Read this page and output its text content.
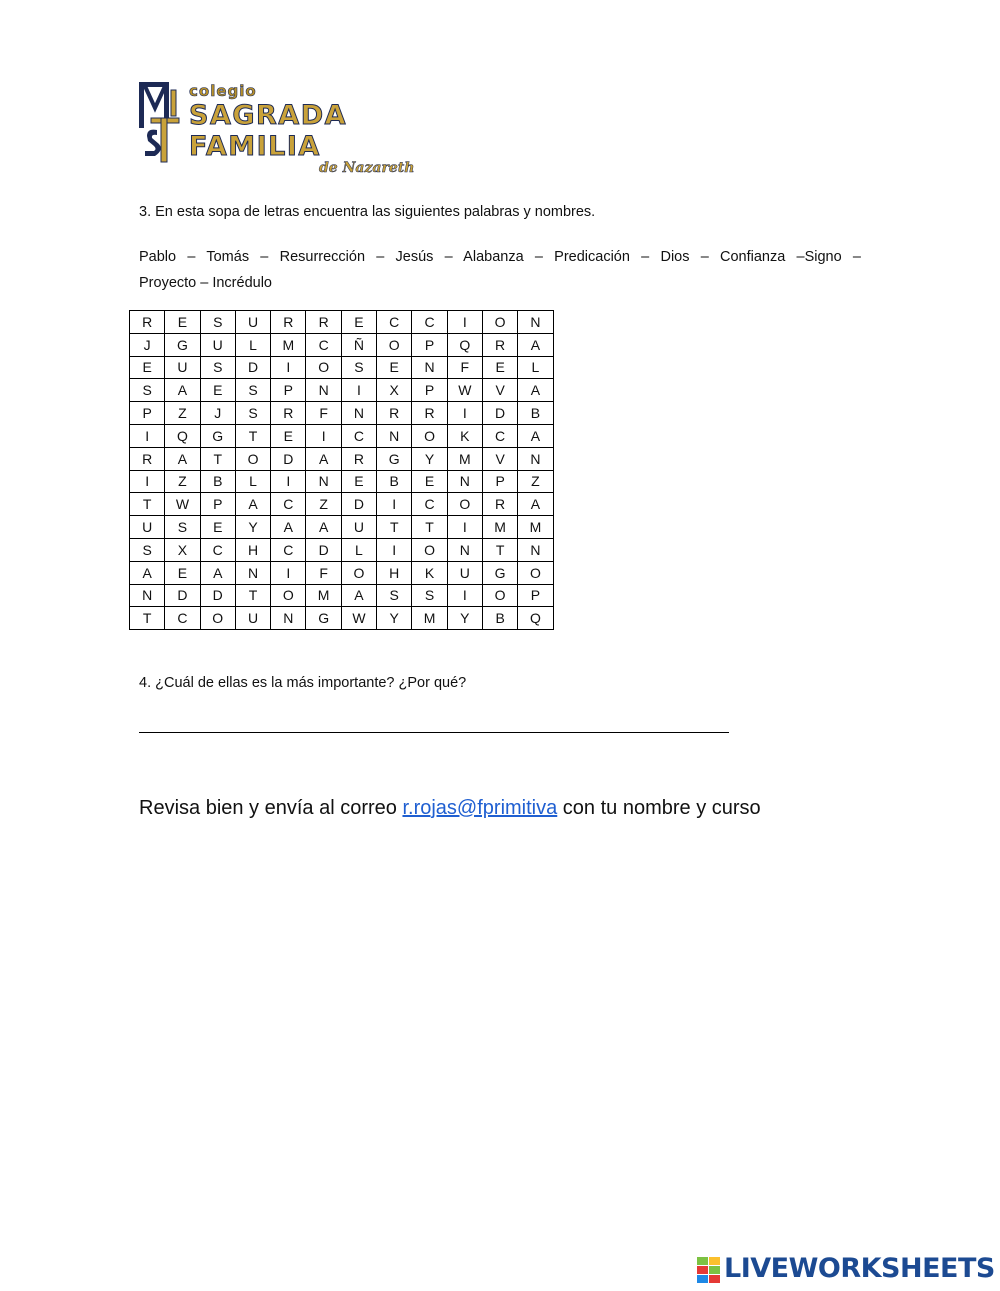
colegio
SAGRADA FAMILIA
de Nazareth
3. En esta sopa de letras encuentra las siguientes palabras y nombres.
Pablo – Tomás – Resurrección – Jesús – Alabanza – Predicación – Dios – Confianza –Signo –
Proyecto – Incrédulo
R	E	S	U	R	R	E	C	C	I	O	N
J	G	U	L	M	C	Ñ	O	P	Q	R	A
E	U	S	D	I	O	S	E	N	F	E	L
S	A	E	S	P	N	I	X	P	W	V	A
P	Z	J	S	R	F	N	R	R	I	D	B
I	Q	G	T	E	I	C	N	O	K	C	A
R	A	T	O	D	A	R	G	Y	M	V	N
I	Z	B	L	I	N	E	B	E	N	P	Z
T	W	P	A	C	Z	D	I	C	O	R	A
U	S	E	Y	A	A	U	T	T	I	M	M
S	X	C	H	C	D	L	I	O	N	T	N
A	E	A	N	I	F	O	H	K	U	G	O
N	D	D	T	O	M	A	S	S	I	O	P
T	C	O	U	N	G	W	Y	M	Y	B	Q
4. ¿Cuál de ellas es la más importante? ¿Por qué?
Revisa bien y envía al correo r.rojas@fprimitiva con tu nombre y curso
LIVEWORKSHEETS
